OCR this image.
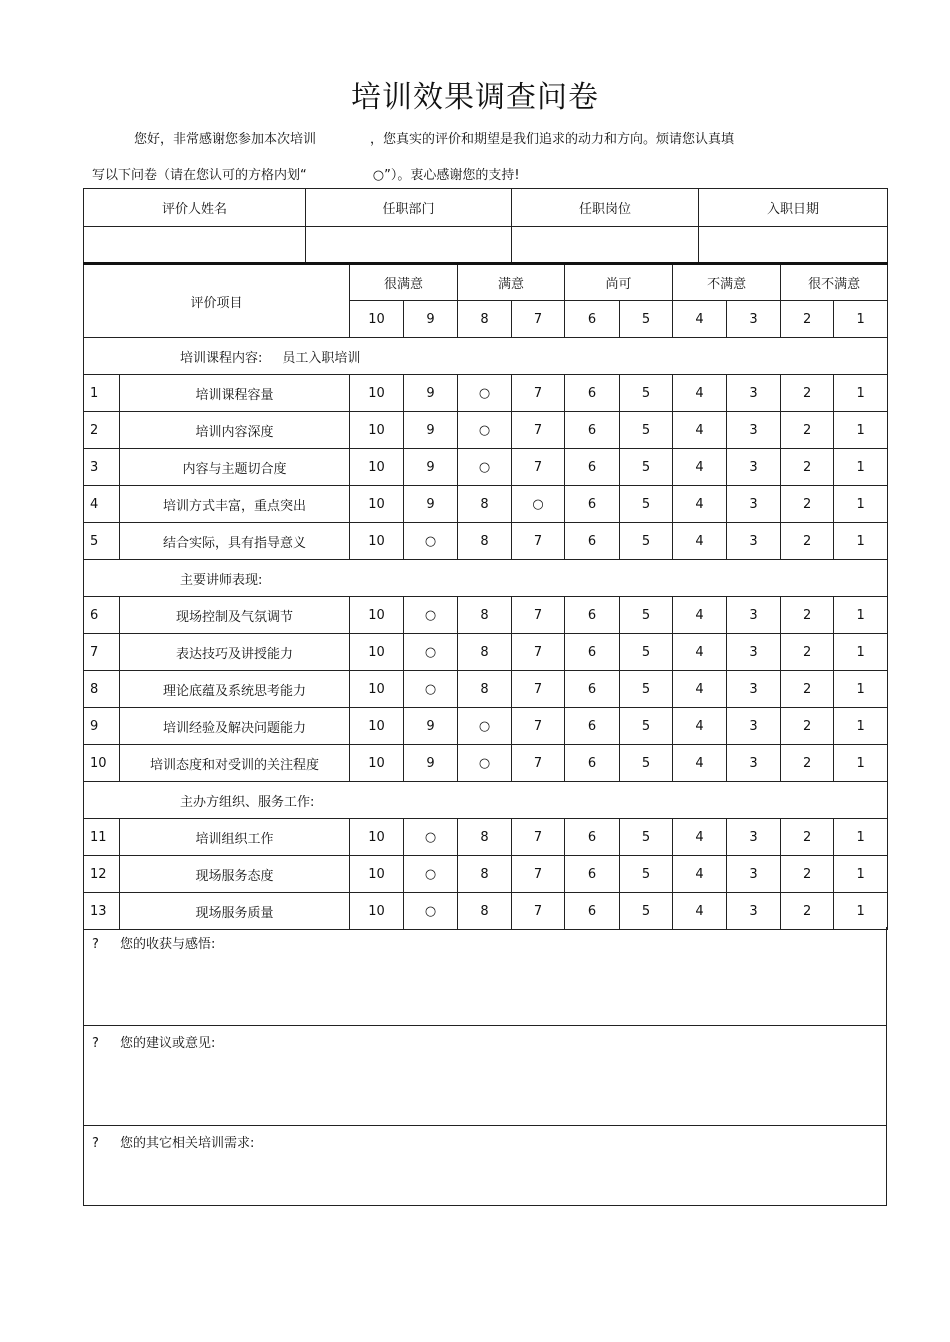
培训效果调查问卷
您好，非常感谢您参加本次培训	，您真实的评价和期望是我们追求的动力和方向。烦请您认真填
写以下问卷（请在您认可的方格内划“	○”）。衷心感谢您的支持!
评价人姓名	任职部门	任职岗位	入职日期

评价项目		很满意		满意		尚可		不满意		很不满意	
		10	9	8	7	6	5	4	3	2	1
培训课程内容: 员工入职培训											
1	培训课程容量	10	9	○	7	6	5	4	3	2	1
2	培训内容深度	10	9	○	7	6	5	4	3	2	1
3	内容与主题切合度	10	9	○	7	6	5	4	3	2	1
4	培训方式丰富，重点突出	10	9	8	○	6	5	4	3	2	1
5	结合实际，具有指导意义	10	○	8	7	6	5	4	3	2	1
主要讲师表现:											
6	现场控制及气氛调节	10	○	8	7	6	5	4	3	2	1
7	表达技巧及讲授能力	10	○	8	7	6	5	4	3	2	1
8	理论底蕴及系统思考能力	10	○	8	7	6	5	4	3	2	1
9	培训经验及解决问题能力	10	9	○	7	6	5	4	3	2	1
10	培训态度和对受训的关注程度	10	9	○	7	6	5	4	3	2	1
主办方组织、服务工作:											
11	培训组织工作	10	○	8	7	6	5	4	3	2	1
12	现场服务态度	10	○	8	7	6	5	4	3	2	1
13	现场服务质量	10	○	8	7	6	5	4	3	2	1
? 您的收获与感悟:
? 您的建议或意见:
? 您的其它相关培训需求:
